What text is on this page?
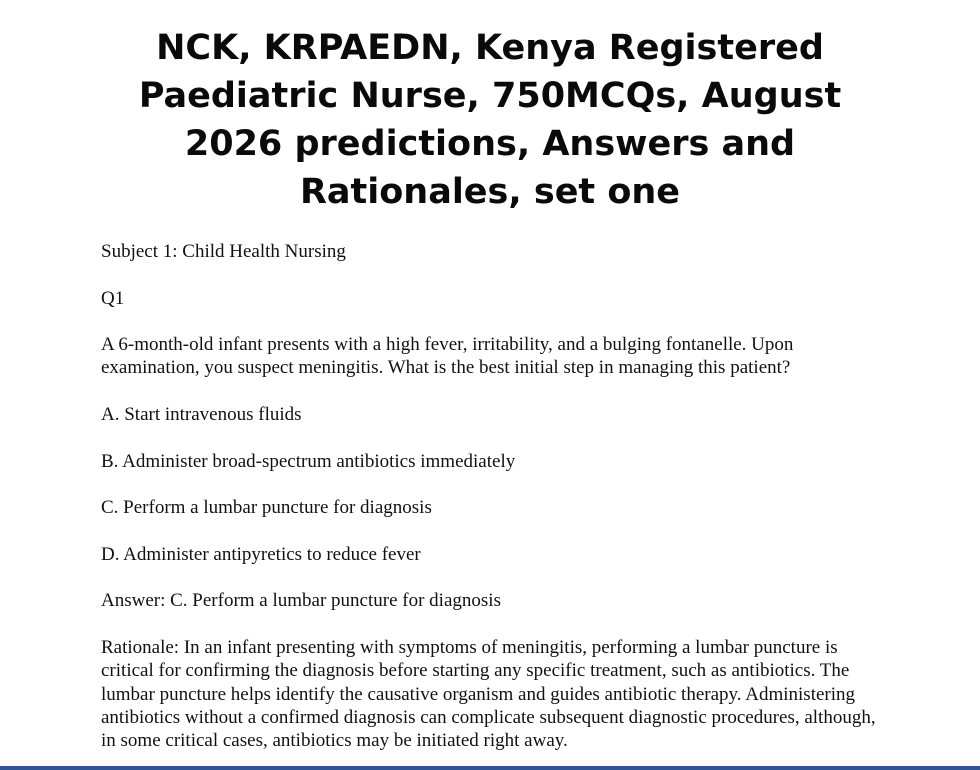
NCK, KRPAEDN, Kenya Registered Paediatric Nurse, 750MCQs, August 2026 predictions, Answers and Rationales, set one

Subject 1: Child Health Nursing

Q1

A 6-month-old infant presents with a high fever, irritability, and a bulging fontanelle. Upon examination, you suspect meningitis. What is the best initial step in managing this patient?

A. Start intravenous fluids

B. Administer broad-spectrum antibiotics immediately

C. Perform a lumbar puncture for diagnosis

D. Administer antipyretics to reduce fever

Answer: C. Perform a lumbar puncture for diagnosis

Rationale: In an infant presenting with symptoms of meningitis, performing a lumbar puncture is critical for confirming the diagnosis before starting any specific treatment, such as antibiotics. The lumbar puncture helps identify the causative organism and guides antibiotic therapy. Administering antibiotics without a confirmed diagnosis can complicate subsequent diagnostic procedures, although, in some critical cases, antibiotics may be initiated right away.
